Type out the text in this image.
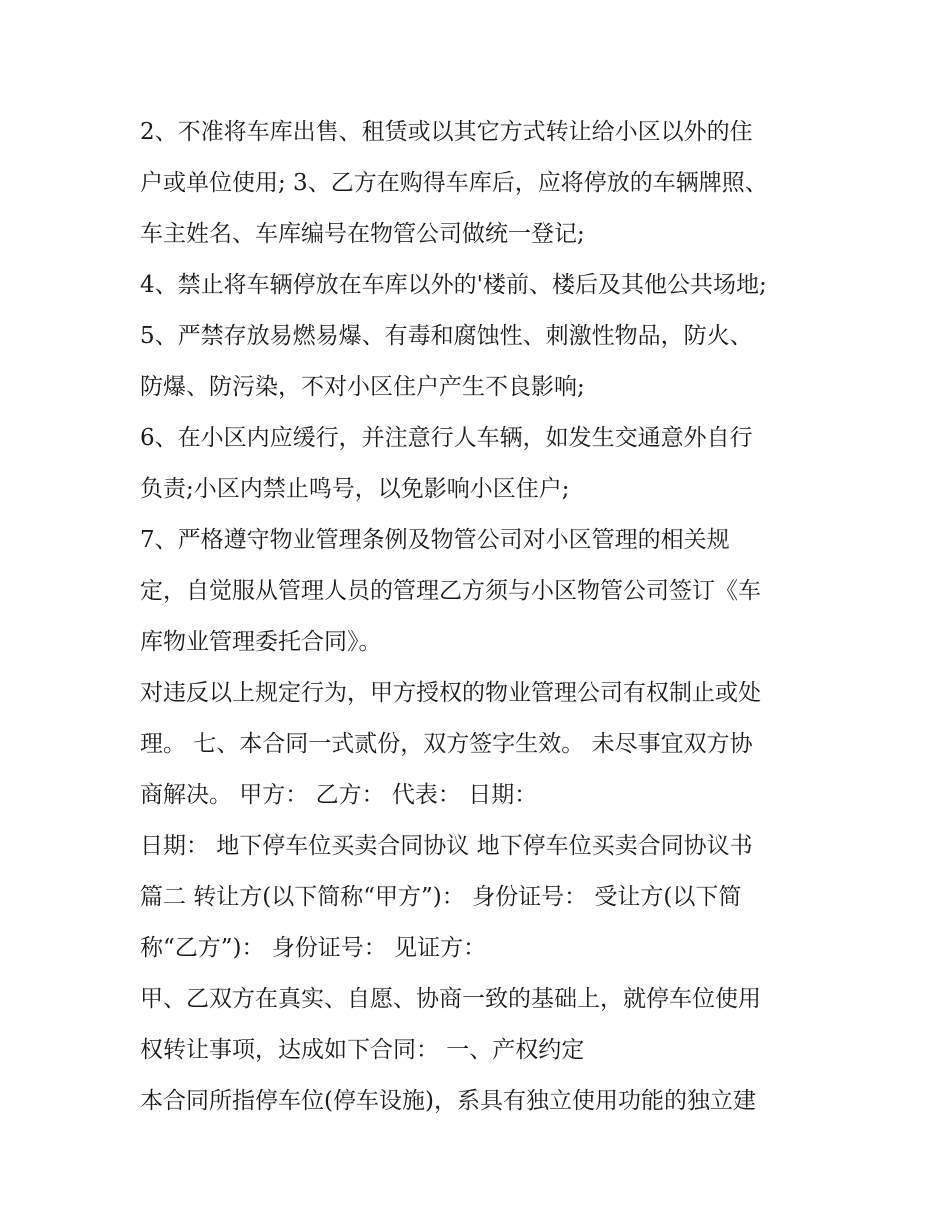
2、不准将车库出售、租赁或以其它方式转让给小区以外的住
户或单位使用; 3、乙方在购得车库后，应将停放的车辆牌照、
车主姓名、车库编号在物管公司做统一登记;
4、禁止将车辆停放在车库以外的'楼前、楼后及其他公共场地;
5、严禁存放易燃易爆、有毒和腐蚀性、刺激性物品，防火、
防爆、防污染，不对小区住户产生不良影响;
6、在小区内应缓行，并注意行人车辆，如发生交通意外自行
负责;小区内禁止鸣号，以免影响小区住户;
7、严格遵守物业管理条例及物管公司对小区管理的相关规
定，自觉服从管理人员的管理乙方须与小区物管公司签订《车
库物业管理委托合同》。
对违反以上规定行为，甲方授权的物业管理公司有权制止或处
理。 七、本合同一式贰份，双方签字生效。 未尽事宜双方协
商解决。 甲方： 乙方： 代表： 日期：
日期： 地下停车位买卖合同协议 地下停车位买卖合同协议书
篇二 转让方(以下简称“甲方”)： 身份证号： 受让方(以下简
称“乙方”)： 身份证号： 见证方：
甲、乙双方在真实、自愿、协商一致的基础上，就停车位使用
权转让事项，达成如下合同： 一、产权约定
本合同所指停车位(停车设施)，系具有独立使用功能的独立建
